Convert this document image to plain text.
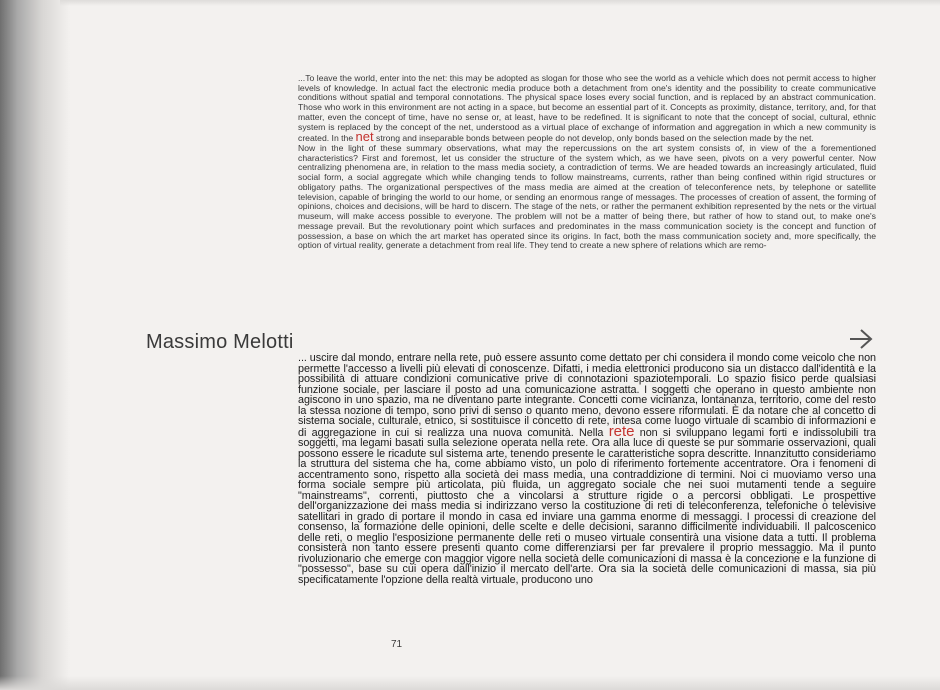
...To leave the world, enter into the net: this may be adopted as slogan for those who see the world as a vehicle which does not permit access to higher levels of knowledge. In actual fact the electronic media produce both a detachment from one's identity and the possibility to create communicative conditions without spatial and temporal connotations. The physical space loses every social function, and is replaced by an abstract communication. Those who work in this environment are not acting in a space, but become an essential part of it. Concepts as proximity, distance, territory, and, for that matter, even the concept of time, have no sense or, at least, have to be redefined. It is significant to note that the concept of social, cultural, ethnic system is replaced by the concept of the net, understood as a virtual place of exchange of information and aggregation in which a new community is created. In the net strong and inseparable bonds between people do not develop, only bonds based on the selection made by the net.

Now in the light of these summary observations, what may the repercussions on the art system consists of, in view of the a forementioned characteristics? First and foremost, let us consider the structure of the system which, as we have seen, pivots on a very powerful center. Now centralizing phenomena are, in relation to the mass media society, a contradiction of terms. We are headed towards an increasingly articulated, fluid social form, a social aggregate which while changing tends to follow mainstreams, currents, rather than being confined within rigid structures or obligatory paths. The organizational perspectives of the mass media are aimed at the creation of teleconference nets, by telephone or satellite television, capable of bringing the world to our home, or sending an enormous range of messages. The processes of creation of assent, the forming of opinions, choices and decisions, will be hard to discern. The stage of the nets, or rather the permanent exhibition represented by the nets or the virtual museum, will make access possible to everyone. The problem will not be a matter of being there, but rather of how to stand out, to make one's message prevail. But the revolutionary point which surfaces and predominates in the mass communication society is the concept and function of possession, a base on which the art market has operated since its origins. In fact, both the mass communication society and, more specifically, the option of virtual reality, generate a detachment from real life. They tend to create a new sphere of relations which are remo-

Massimo Melotti

... uscire dal mondo, entrare nella rete, può essere assunto come dettato per chi considera il mondo come veicolo che non permette l'accesso a livelli più elevati di conoscenze. Difatti, i media elettronici producono sia un distacco dall'identità e la possibilità di attuare condizioni comunicative prive di connotazioni spaziotemporali. Lo spazio fisico perde qualsiasi funzione sociale, per lasciare il posto ad una comunicazione astratta. I soggetti che operano in questo ambiente non agiscono in uno spazio, ma ne diventano parte integrante. Concetti come vicinanza, lontananza, territorio, come del resto la stessa nozione di tempo, sono privi di senso o quanto meno, devono essere riformulati. È da notare che al concetto di sistema sociale, culturale, etnico, si sostituisce il concetto di rete, intesa come luogo virtuale di scambio di informazioni e di aggregazione in cui si realizza una nuova comunità. Nella rete non si sviluppano legami forti e indissolubili tra soggetti, ma legami basati sulla selezione operata nella rete. Ora alla luce di queste se pur sommarie osservazioni, quali possono essere le ricadute sul sistema arte, tenendo presente le caratteristiche sopra descritte. Innanzitutto consideriamo la struttura del sistema che ha, come abbiamo visto, un polo di riferimento fortemente accentratore. Ora i fenomeni di accentramento sono, rispetto alla società dei mass media, una contraddizione di termini. Noi ci muoviamo verso una forma sociale sempre più articolata, più fluida, un aggregato sociale che nei suoi mutamenti tende a seguire "mainstreams", correnti, piuttosto che a vincolarsi a strutture rigide o a percorsi obbligati. Le prospettive dell'organizzazione dei mass media si indirizzano verso la costituzione di reti di teleconferenza, telefoniche o televisive satellitari in grado di portare il mondo in casa ed inviare una gamma enorme di messaggi. I processi di creazione del consenso, la formazione delle opinioni, delle scelte e delle decisioni, saranno difficilmente individuabili. Il palcoscenico delle reti, o meglio l'esposizione permanente delle reti o museo virtuale consentirà una visione data a tutti. Il problema consisterà non tanto essere presenti quanto come differenziarsi per far prevalere il proprio messaggio. Ma il punto rivoluzionario che emerge con maggior vigore nella società delle comunicazioni di massa è la concezione e la funzione di "possesso", base su cui opera dall'inizio il mercato dell'arte. Ora sia la società delle comunicazioni di massa, sia più specificatamente l'opzione della realtà virtuale, producono uno

71
